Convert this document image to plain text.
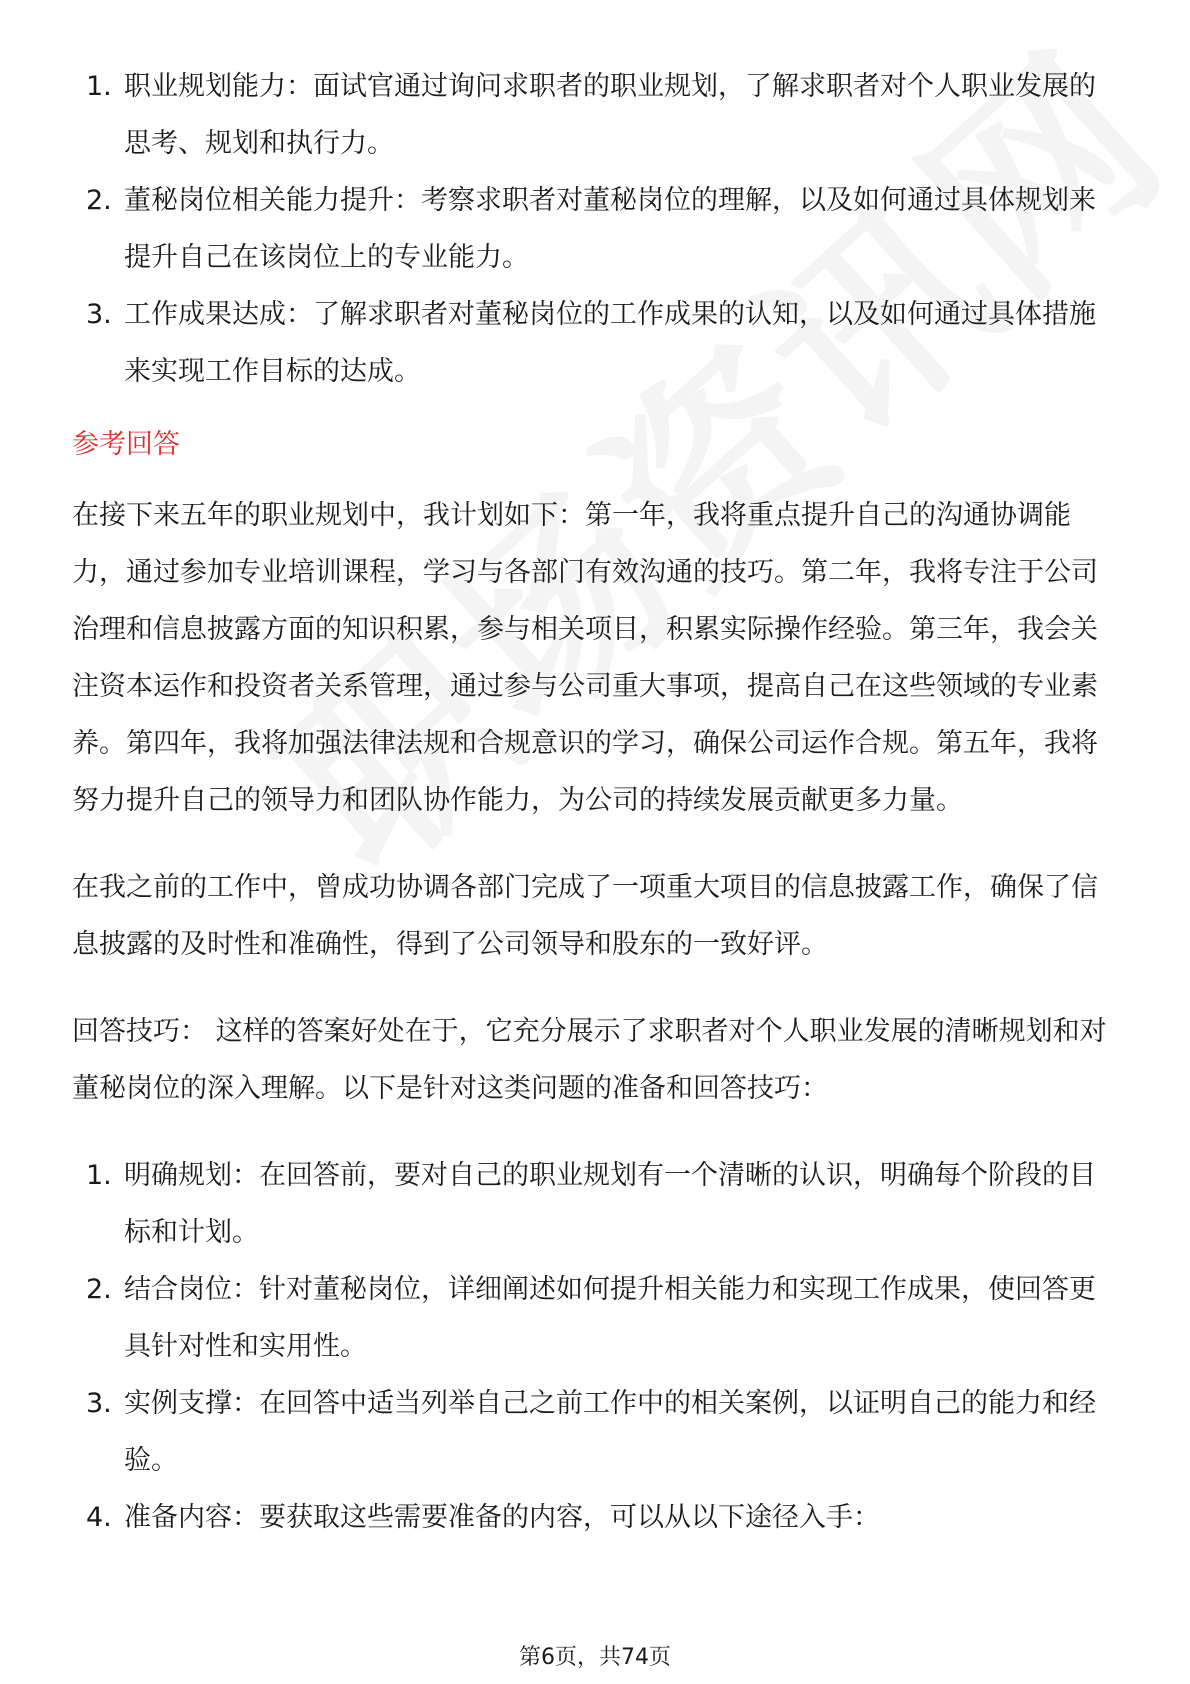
1. 职业规划能力：面试官通过询问求职者的职业规划，了解求职者对个人职业发展的思考、规划和执行力。
2. 董秘岗位相关能力提升：考察求职者对董秘岗位的理解，以及如何通过具体规划来提升自己在该岗位上的专业能力。
3. 工作成果达成：了解求职者对董秘岗位的工作成果的认知，以及如何通过具体措施来实现工作目标的达成。
参考回答

在接下来五年的职业规划中，我计划如下：第一年，我将重点提升自己的沟通协调能力，通过参加专业培训课程，学习与各部门有效沟通的技巧。第二年，我将专注于公司治理和信息披露方面的知识积累，参与相关项目，积累实际操作经验。第三年，我会关注资本运作和投资者关系管理，通过参与公司重大事项，提高自己在这些领域的专业素养。第四年，我将加强法律法规和合规意识的学习，确保公司运作合规。第五年，我将努力提升自己的领导力和团队协作能力，为公司的持续发展贡献更多力量。

在我之前的工作中，曾成功协调各部门完成了一项重大项目的信息披露工作，确保了信息披露的及时性和准确性，得到了公司领导和股东的一致好评。

回答技巧： 这样的答案好处在于，它充分展示了求职者对个人职业发展的清晰规划和对董秘岗位的深入理解。以下是针对这类问题的准备和回答技巧：

1. 明确规划：在回答前，要对自己的职业规划有一个清晰的认识，明确每个阶段的目标和计划。
2. 结合岗位：针对董秘岗位，详细阐述如何提升相关能力和实现工作成果，使回答更具针对性和实用性。
3. 实例支撑：在回答中适当列举自己之前工作中的相关案例，以证明自己的能力和经验。
4. 准备内容：要获取这些需要准备的内容，可以从以下途径入手：
第6页，共74页
